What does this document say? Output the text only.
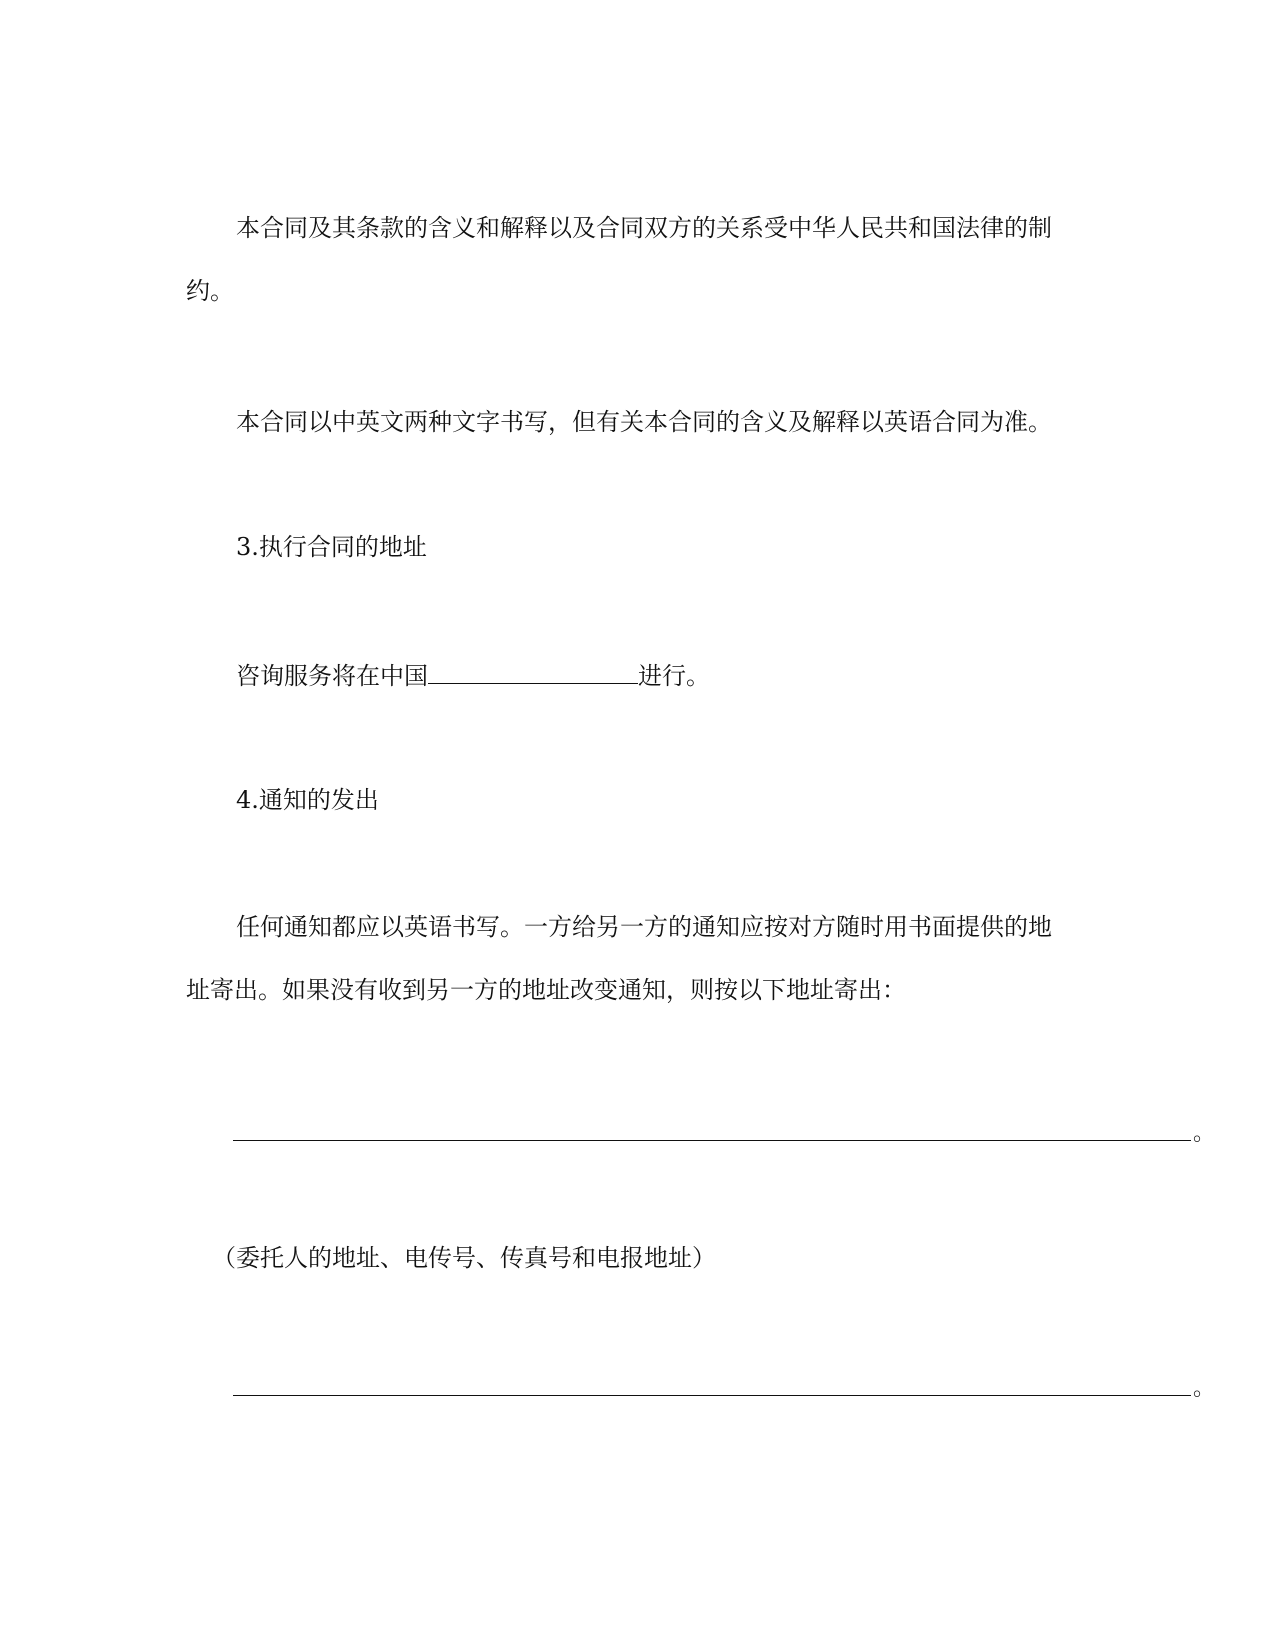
本合同及其条款的含义和解释以及合同双方的关系受中华人民共和国法律的制
约。
本合同以中英文两种文字书写，但有关本合同的含义及解释以英语合同为准。
3.执行合同的地址
咨询服务将在中国	进行。
4.通知的发出
任何通知都应以英语书写。一方给另一方的通知应按对方随时用书面提供的地
址寄出。如果没有收到另一方的地址改变通知，则按以下地址寄出：
。
（委托人的地址、电传号、传真号和电报地址）
。
